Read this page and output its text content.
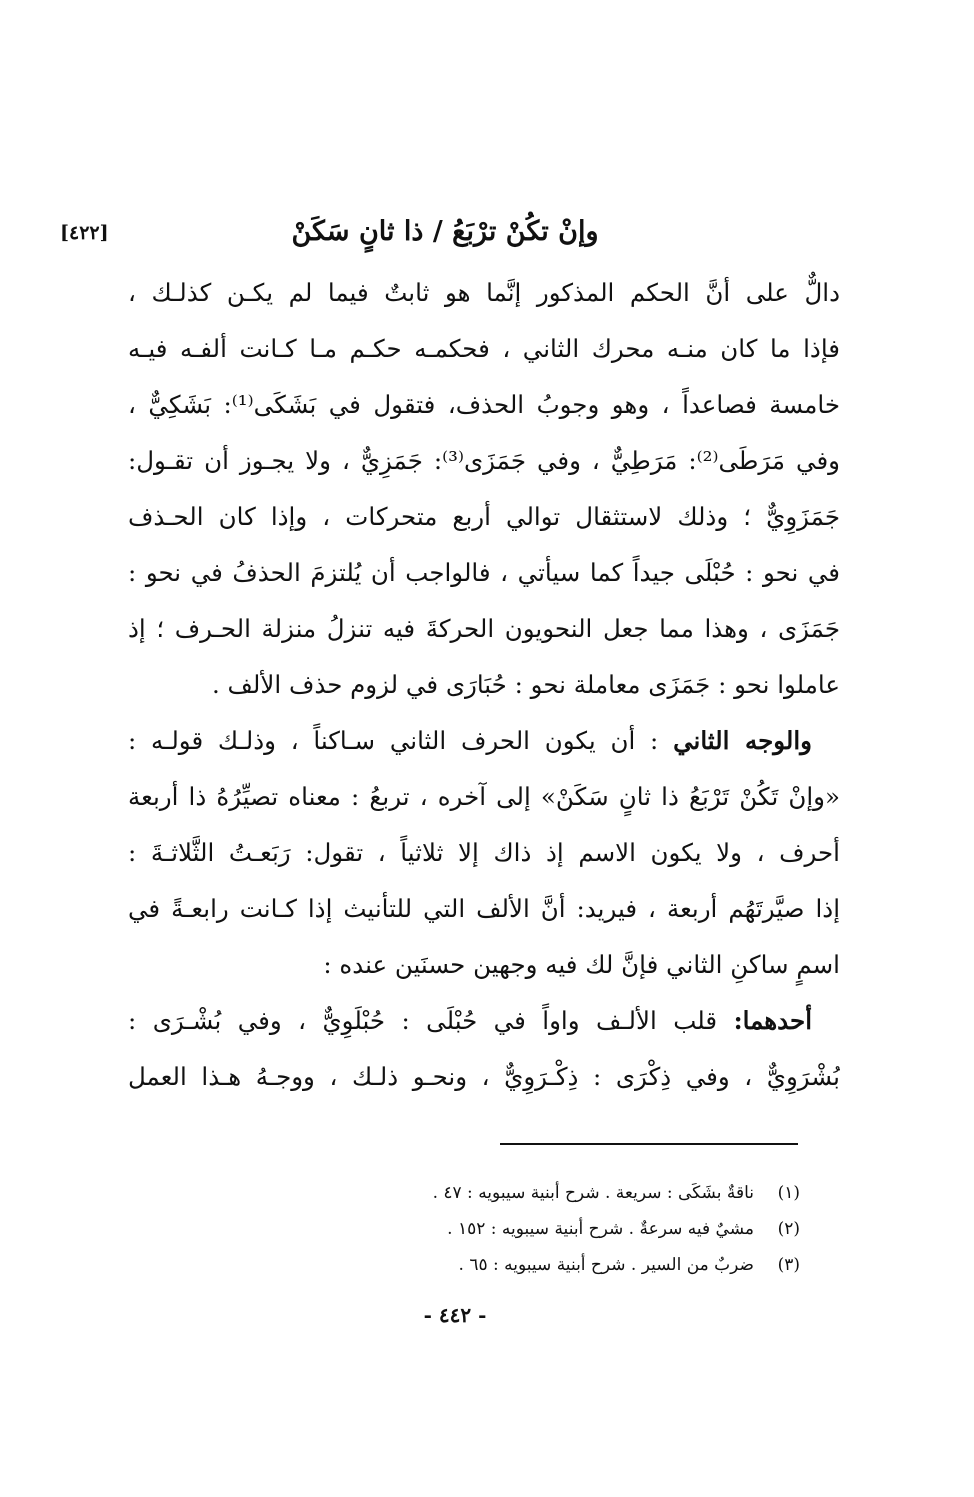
وإنْ تكُنْ ترْبَعُ / ذا ثانٍ سَكَنْ
[٤٢٢]
دالٌّ على أنَّ الحكم المذكور إنَّما هو ثابتٌ فيما لم يكـن كذلـك ،
فإذا ما كان منـه محرك الثاني ، فحكمـه حكـم مـا كـانت ألفـه فيـه
خامسة فصاعداً ، وهو وجوبُ الحذف، فتقول في بَشَكَى⁽¹⁾: بَشَكِيٌّ ،
وفي مَرَطَى⁽²⁾: مَرَطِيٌّ ، وفي جَمَزَى⁽³⁾: جَمَزِيٌّ ، ولا يجـوز أن تقـول:
جَمَزَوِيٌّ ؛ وذلك لاستثقال توالي أربع متحركات ، وإذا كان الحـذف
في نحو : حُبْلَى جيداً كما سيأتي ، فالواجب أن يُلتزمَ الحذفُ في نحو :
جَمَزَى ، وهذا مما جعل النحويون الحركةَ فيه تنزلُ منزلة الحـرف ؛ إذ
عاملوا نحو : جَمَزَى معاملة نحو : حُبَارَى في لزوم حذف الألف .
والوجه الثاني : أن يكون الحرف الثاني سـاكناً ، وذلـك قولـه :
«وإنْ تَكُنْ تَرْبَعُ ذا ثانٍ سَكَنْ» إلى آخره ، تربعُ : معناه تصيِّرُهُ ذا أربعة
أحرف ، ولا يكون الاسم إذ ذاك إلا ثلاثياً ، تقول: رَبَعـتُ الثَّلاثـةَ :
إذا صيَّرتَهُم أربعة ، فيريد: أنَّ الألف التي للتأنيث إذا كـانت رابعـةً في
اسمٍ ساكنِ الثاني فإنَّ لك فيه وجهين حسنَين عنده :
أحدهما: قلب الألـف واواً في حُبْلَى : حُبْلَوِيٌّ ، وفي بُشْـرَى :
بُشْرَوِيٌّ ، وفي ذِكْرَى : ذِكْـرَوِيٌّ ، ونحـو ذلـك ، ووجـهُ هـذا العمل
(١)
ناقةٌ بشَكَى : سريعة . شرح أبنية سيبويه : ٤٧ .
(٢)
مشيٌ فيه سرعةٌ . شرح أبنية سيبويه : ١٥٢ .
(٣)
ضربٌ من السير . شرح أبنية سيبويه : ٦٥ .
- ٤٤٢ -
